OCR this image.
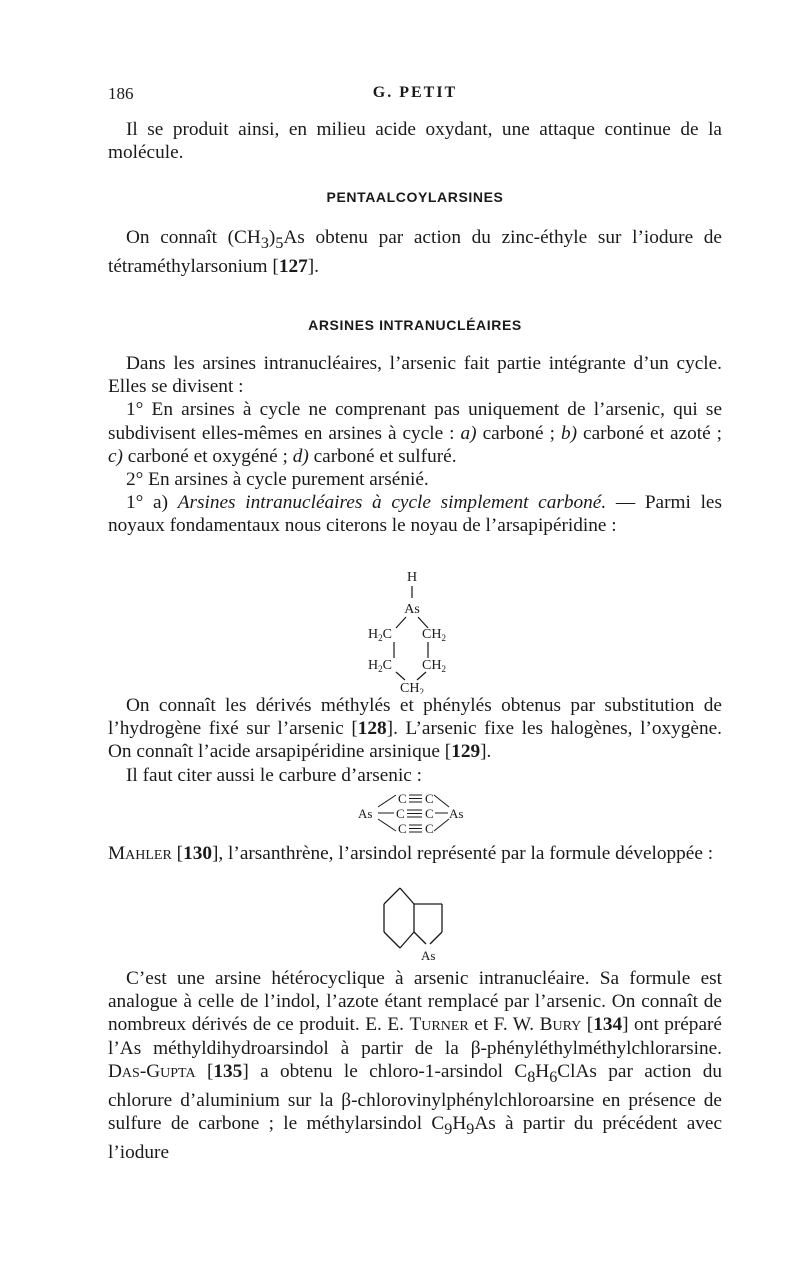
186	G. PETIT

Il se produit ainsi, en milieu acide oxydant, une attaque continue de la molécule.

PENTAALCOYLARSINES

On connaît $(CH_3)_5As$ obtenu par action du zinc-éthyle sur l’iodure de tétraméthylarsonium [127].

ARSINES INTRANUCLÉAIRES

Dans les arsines intranucléaires, l’arsenic fait partie intégrante d’un cycle. Elles se divisent :

1° En arsines à cycle ne comprenant pas uniquement de l’arsenic, qui se subdivisent elles-mêmes en arsines à cycle : a) carboné ; b) carboné et azoté ; c) carboné et oxygéné ; d) carboné et sulfuré.

2° En arsines à cycle purement arsénié.

1° a) Arsines intranucléaires à cycle simplement carboné. — Parmi les noyaux fondamentaux nous citerons le noyau de l’arsapipéridine :

H
As
$H_2C$ $CH_2$
$H_2C$ $CH_2$
$CH_2$

On connaît les dérivés méthylés et phénylés obtenus par substitution de l’hydrogène fixé sur l’arsenic [128]. L’arsenic fixe les halogènes, l’oxygène. On connaît l’acide arsapipéridine arsinique [129].

Il faut citer aussi le carbure d’arsenic :

C C
C C
C C
As	As

Mahler [130], l’arsanthrène, l’arsindol représenté par la formule développée :

As

C’est une arsine hétérocyclique à arsenic intranucléaire. Sa formule est analogue à celle de l’indol, l’azote étant remplacé par l’arsenic. On connaît de nombreux dérivés de ce produit. E. E. Turner et F. W. Bury [134] ont préparé l’As méthyldihydroarsindol à partir de la β-phényléthylméthylchlorarsine. Das-Gupta [135] a obtenu le chloro-1-arsindol $C_8H_6ClAs$ par action du chlorure d’aluminium sur la β-chlorovinylphénylchloroarsine en présence de sulfure de carbone ; le méthylarsindol $C_9H_9As$ à partir du précédent avec l’iodure
